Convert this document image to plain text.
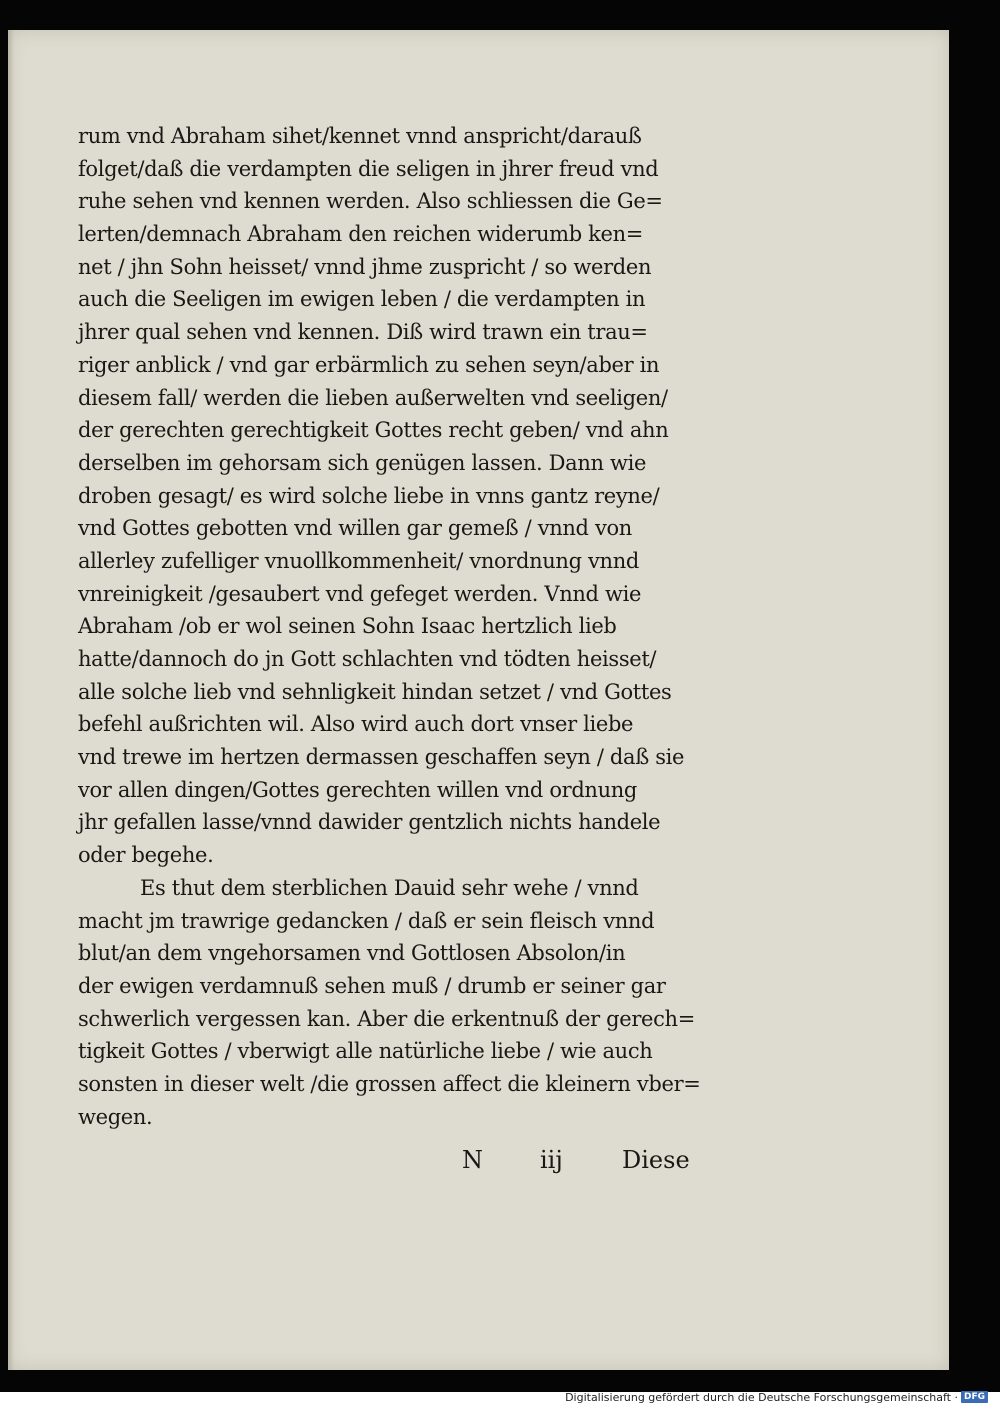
rum vnd Abraham sihet/kennet vnnd anspricht/darauß
folget/daß die verdampten die seligen in jhrer freud vnd
ruhe sehen vnd kennen werden. Also schliessen die Ge=
lerten/demnach Abraham den reichen widerumb ken=
net / jhn Sohn heisset/ vnnd jhme zuspricht / so werden
auch die Seeligen im ewigen leben / die verdampten in
jhrer qual sehen vnd kennen. Diß wird trawn ein trau=
riger anblick / vnd gar erbärmlich zu sehen seyn/aber in
diesem fall/ werden die lieben außerwelten vnd seeligen/
der gerechten gerechtigkeit Gottes recht geben/ vnd ahn
derselben im gehorsam sich genügen lassen. Dann wie
droben gesagt/ es wird solche liebe in vnns gantz reyne/
vnd Gottes gebotten vnd willen gar gemeß / vnnd von
allerley zufelliger vnuollkommenheit/ vnordnung vnnd
vnreinigkeit /gesaubert vnd gefeget werden. Vnnd wie
Abraham /ob er wol seinen Sohn Isaac hertzlich lieb
hatte/dannoch do jn Gott schlachten vnd tödten heisset/
alle solche lieb vnd sehnligkeit hindan setzet / vnd Gottes
befehl außrichten wil. Also wird auch dort vnser liebe
vnd trewe im hertzen dermassen geschaffen seyn / daß sie
vor allen dingen/Gottes gerechten willen vnd ordnung
jhr gefallen lasse/vnnd dawider gentzlich nichts handele
oder begehe.
Es thut dem sterblichen Dauid sehr wehe / vnnd
macht jm trawrige gedancken / daß er sein fleisch vnnd
blut/an dem vngehorsamen vnd Gottlosen Absolon/in
der ewigen verdamnuß sehen muß / drumb er seiner gar
schwerlich vergessen kan. Aber die erkentnuß der gerech=
tigkeit Gottes / vberwigt alle natürliche liebe / wie auch
sonsten in dieser welt /die grossen affect die kleinern vber=
wegen.
N iij Diese
Digitalisierung gefördert durch die Deutsche Forschungsgemeinschaft · DFG
